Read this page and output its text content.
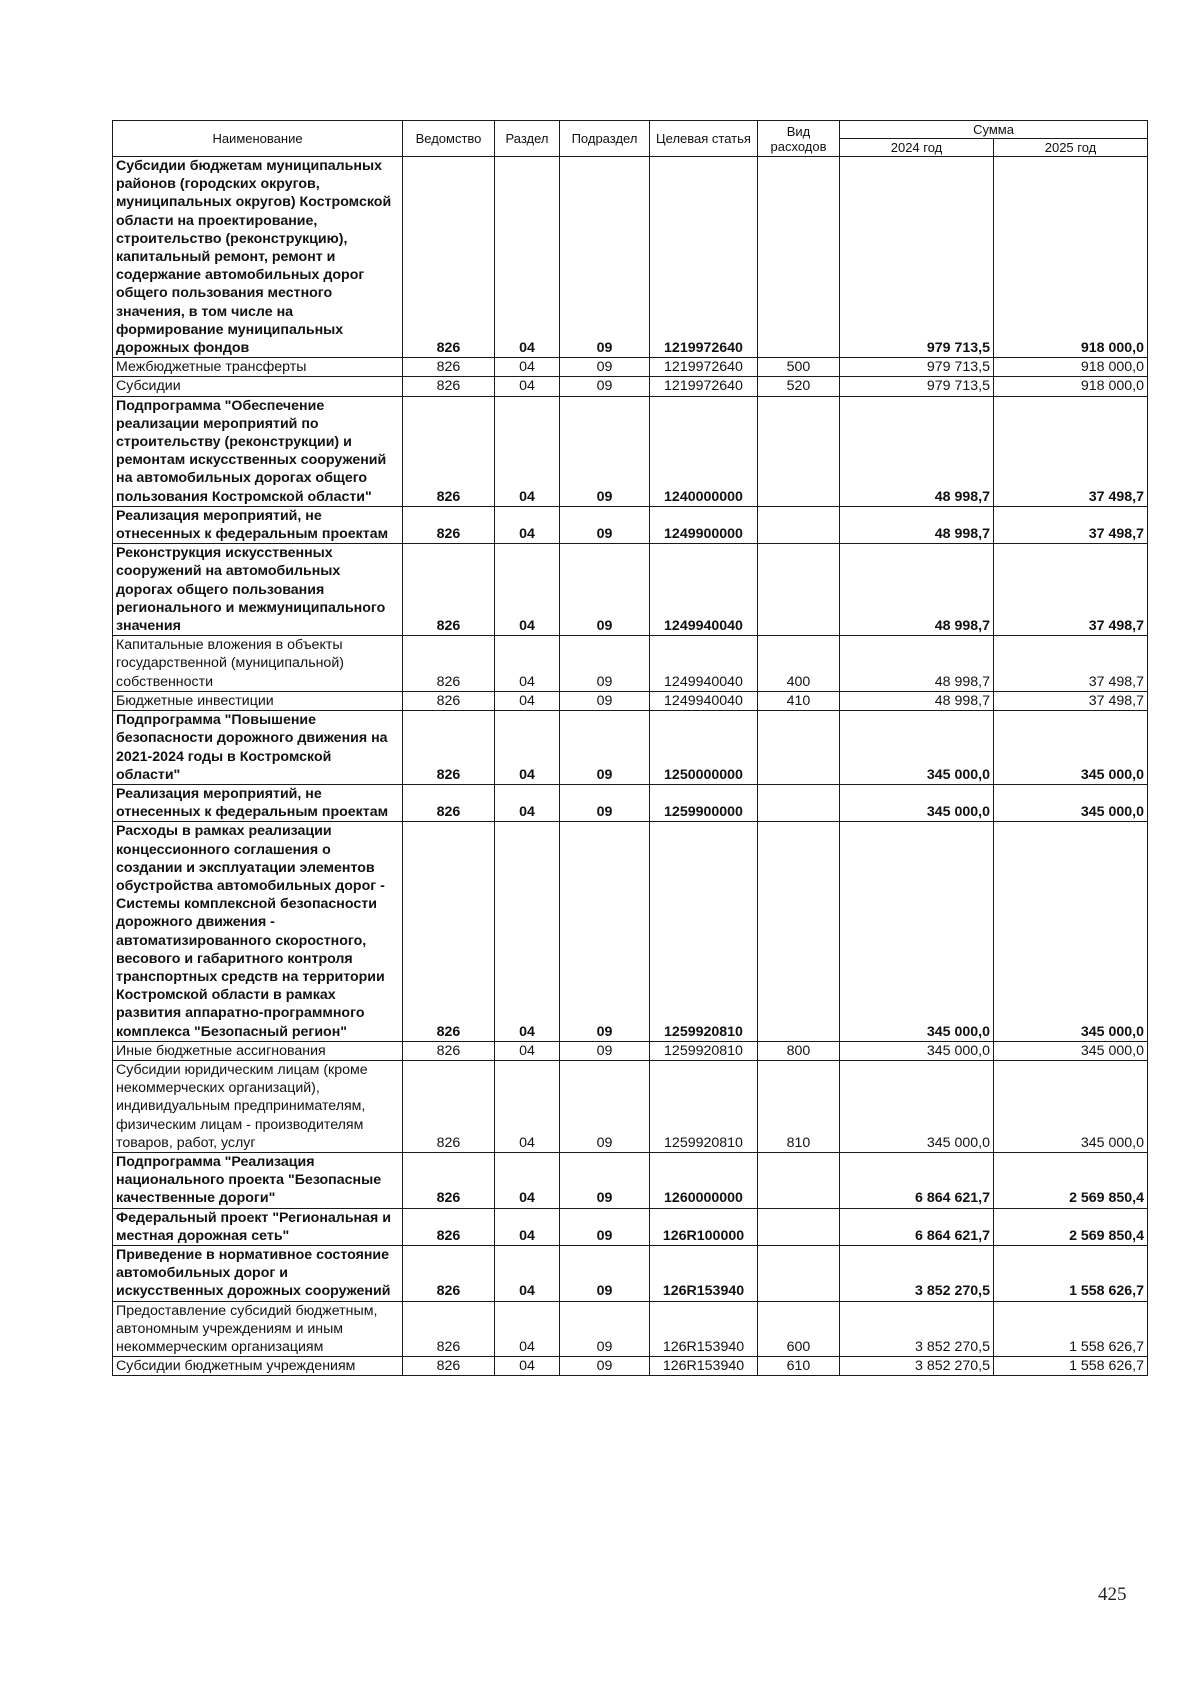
Наименование	Ведомство	Раздел	Подраздел	Целевая статья	Вид расходов	Сумма	
						2024 год	2025 год
Субсидии бюджетам муниципальных районов (городских округов, муниципальных округов) Костромской области на проектирование, строительство (реконструкцию), капитальный ремонт, ремонт и содержание автомобильных дорог общего пользования местного значения, в том числе на формирование муниципальных дорожных фондов	826	04	09	1219972640		979 713,5	918 000,0
Межбюджетные трансферты	826	04	09	1219972640	500	979 713,5	918 000,0
Субсидии	826	04	09	1219972640	520	979 713,5	918 000,0
Подпрограмма "Обеспечение реализации мероприятий по строительству (реконструкции) и ремонтам искусственных сооружений на автомобильных дорогах общего пользования Костромской области"	826	04	09	1240000000		48 998,7	37 498,7
Реализация мероприятий, не отнесенных к федеральным проектам	826	04	09	1249900000		48 998,7	37 498,7
Реконструкция искусственных сооружений на автомобильных дорогах общего пользования регионального и межмуниципального значения	826	04	09	1249940040		48 998,7	37 498,7
Капитальные вложения в объекты государственной (муниципальной) собственности	826	04	09	1249940040	400	48 998,7	37 498,7
Бюджетные инвестиции	826	04	09	1249940040	410	48 998,7	37 498,7
Подпрограмма "Повышение безопасности дорожного движения на 2021-2024 годы в Костромской области"	826	04	09	1250000000		345 000,0	345 000,0
Реализация мероприятий, не отнесенных к федеральным проектам	826	04	09	1259900000		345 000,0	345 000,0
Расходы в рамках реализации концессионного соглашения о создании и эксплуатации элементов обустройства автомобильных дорог - Системы комплексной безопасности дорожного движения - автоматизированного скоростного, весового и габаритного контроля транспортных средств на территории Костромской области в рамках развития аппаратно-программного комплекса "Безопасный регион"	826	04	09	1259920810		345 000,0	345 000,0
Иные бюджетные ассигнования	826	04	09	1259920810	800	345 000,0	345 000,0
Субсидии юридическим лицам (кроме некоммерческих организаций), индивидуальным предпринимателям, физическим лицам - производителям товаров, работ, услуг	826	04	09	1259920810	810	345 000,0	345 000,0
Подпрограмма "Реализация национального проекта "Безопасные качественные дороги"	826	04	09	1260000000		6 864 621,7	2 569 850,4
Федеральный проект "Региональная и местная дорожная сеть"	826	04	09	126R100000		6 864 621,7	2 569 850,4
Приведение в нормативное состояние автомобильных дорог и искусственных дорожных сооружений	826	04	09	126R153940		3 852 270,5	1 558 626,7
Предоставление субсидий бюджетным, автономным учреждениям и иным некоммерческим организациям	826	04	09	126R153940	600	3 852 270,5	1 558 626,7
Субсидии бюджетным учреждениям	826	04	09	126R153940	610	3 852 270,5	1 558 626,7
425
